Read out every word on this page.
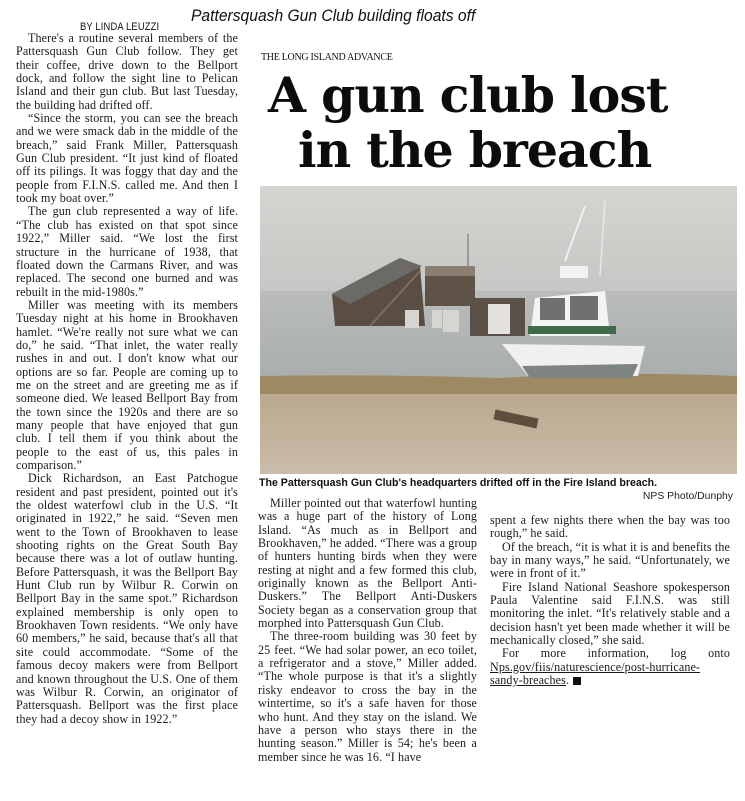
BY LINDA LEUZZI
Pattersquash Gun Club building floats off

There's a routine several members of the Pattersquash Gun Club follow. They get their coffee, drive down to the Bellport dock, and follow the sight line to Pelican Island and their gun club. But last Tuesday, the building had drifted off.

“Since the storm, you can see the breach and we were smack dab in the middle of the breach,” said Frank Miller, Pattersquash Gun Club president. “It just kind of floated off its pilings. It was foggy that day and the people from F.I.N.S. called me. And then I took my boat over.”

The gun club represented a way of life. “The club has existed on that spot since 1922,” Miller said. “We lost the first structure in the hurricane of 1938, that floated down the Carmans River, and was replaced. The second one burned and was rebuilt in the mid-1980s.”

Miller was meeting with its members Tuesday night at his home in Brookhaven hamlet. “We're really not sure what we can do,” he said. “That inlet, the water really rushes in and out. I don't know what our options are so far. People are coming up to me on the street and are greeting me as if someone died. We leased Bellport Bay from the town since the 1920s and there are so many people that have enjoyed that gun club. I tell them if you think about the people to the east of us, this pales in comparison.”

Dick Richardson, an East Patchogue resident and past president, pointed out it's the oldest waterfowl club in the U.S. “It originated in 1922,” he said. “Seven men went to the Town of Brookhaven to lease shooting rights on the Great South Bay because there was a lot of outlaw hunting. Before Pattersquash, it was the Bellport Bay Hunt Club run by Wilbur R. Corwin on Bellport Bay in the same spot.” Richardson explained membership is only open to Brookhaven Town residents. “We only have 60 members,” he said, because that's all that site could accommodate. “Some of the famous decoy makers were from Bellport and known throughout the U.S. One of them was Wilbur R. Corwin, an originator of Pattersquash. Bellport was the first place they had a decoy show in 1922.”

THE LONG ISLAND ADVANCE
A gun club lost
in the breach
The Pattersquash Gun Club's headquarters drifted off in the Fire Island breach.
NPS Photo/Dunphy

Miller pointed out that waterfowl hunting was a huge part of the history of Long Island. “As much as in Bellport and Brookhaven,” he added. “There was a group of hunters hunting birds when they were resting at night and a few formed this club, originally known as the Bellport Anti-Duskers.” The Bellport Anti-Duskers Society began as a conservation group that morphed into Pattersquash Gun Club.

The three-room building was 30 feet by 25 feet. “We had solar power, an eco toilet, a refrigerator and a stove,” Miller added. “The whole purpose is that it's a slightly risky endeavor to cross the bay in the wintertime, so it's a safe haven for those who hunt. And they stay on the island. We have a person who stays there in the hunting season.” Miller is 54; he's been a member since he was 16. “I have

spent a few nights there when the bay was too rough,” he said.

Of the breach, “it is what it is and benefits the bay in many ways,” he said. “Unfortunately, we were in front of it.”

Fire Island National Seashore spokesperson Paula Valentine said F.I.N.S. was still monitoring the inlet. “It's relatively stable and a decision hasn't yet been made whether it will be mechanically closed,” she said.

For more information, log onto Nps.gov/fiis/naturescience/post-hurricane-sandy-breaches.
